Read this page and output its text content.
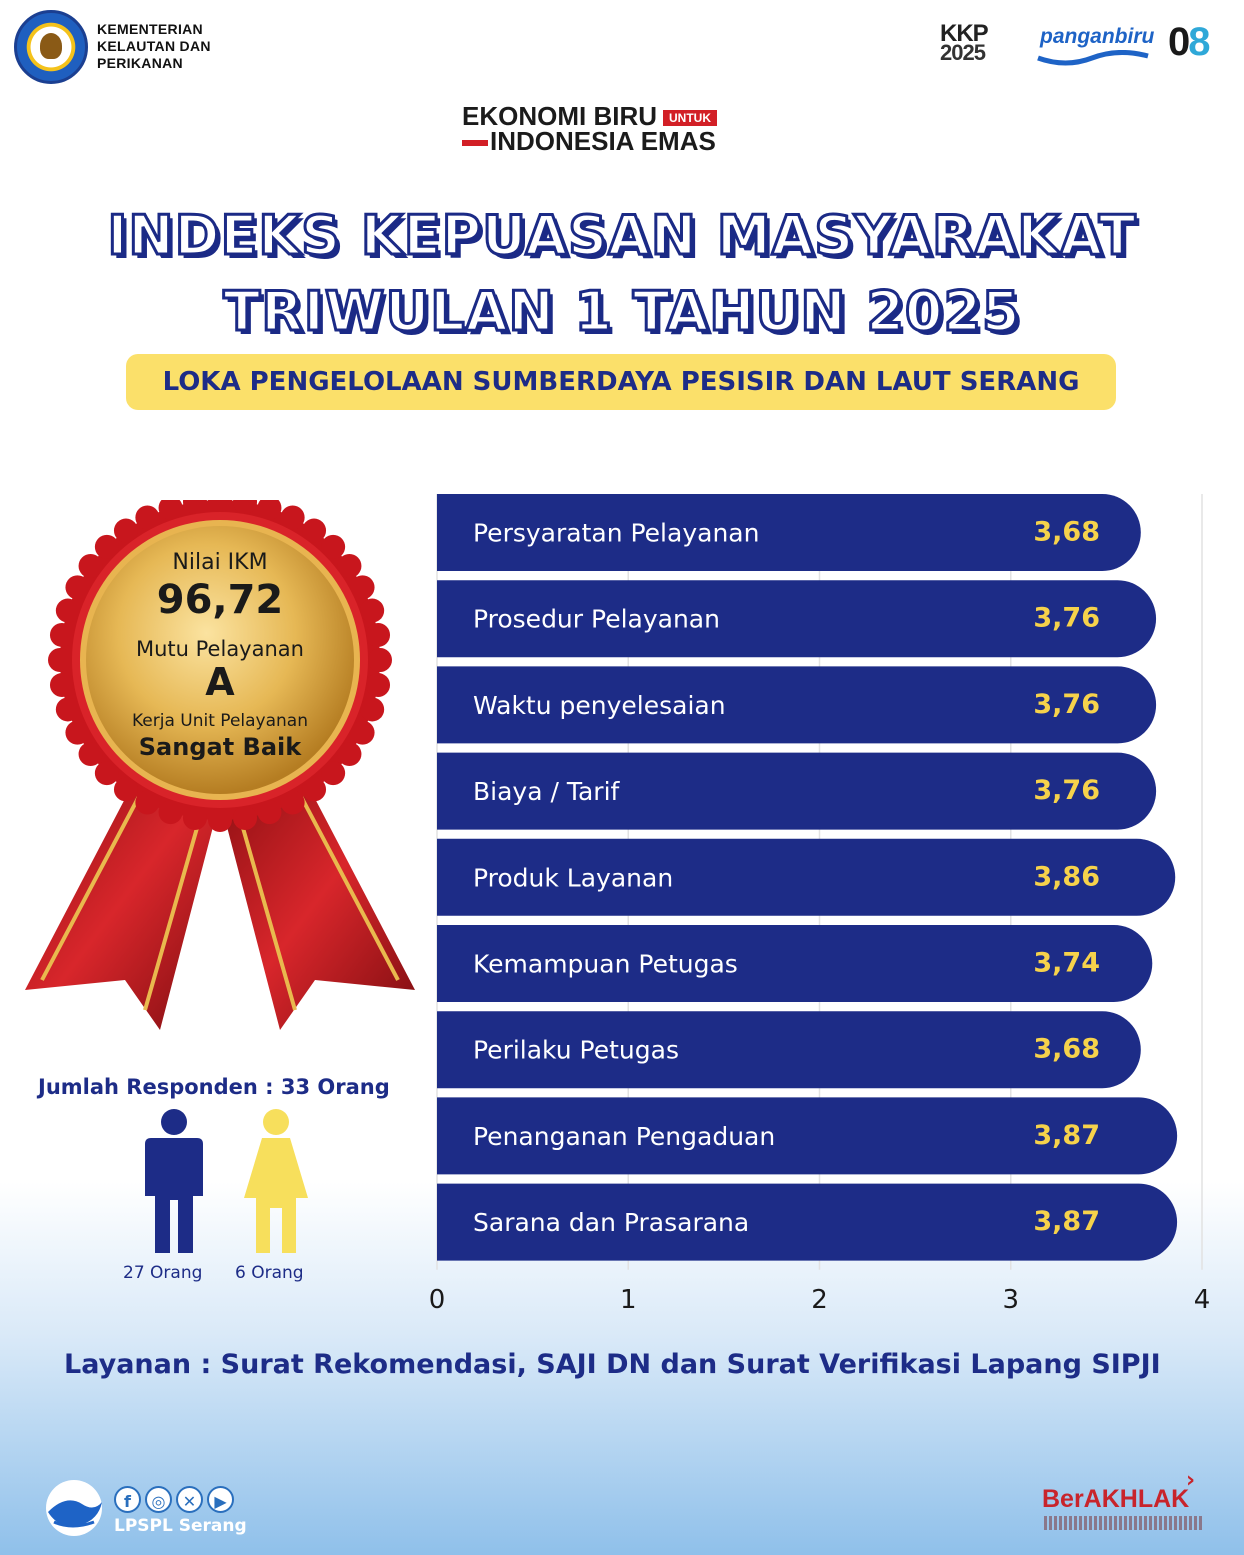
KEMENTERIAN
KELAUTAN DAN
PERIKANAN
KKP
2025
panganbiru 08
EKONOMI BIRU UNTUK
INDONESIA EMAS
INDEKS KEPUASAN MASYARAKAT
TRIWULAN 1 TAHUN 2025
LOKA PENGELOLAAN SUMBERDAYA PESISIR DAN LAUT SERANG
Nilai IKM
96,72
Mutu Pelayanan
A
Kerja Unit Pelayanan
Sangat Baik
Jumlah Responden : 33 Orang
27 Orang 6 Orang
Persyaratan Pelayanan	3,68
Prosedur Pelayanan	3,76
Waktu penyelesaian	3,76
Biaya / Tarif	3,76
Produk Layanan	3,86
Kemampuan Petugas	3,74
Perilaku Petugas	3,68
Penanganan Pengaduan	3,87
Sarana dan Prasarana	3,87
0	1	2	3	4
Layanan : Surat Rekomendasi, SAJI DN dan Surat Verifikasi Lapang SIPJI
f	◎	✕	▶
LPSPL Serang
›
BerAKHLAK
